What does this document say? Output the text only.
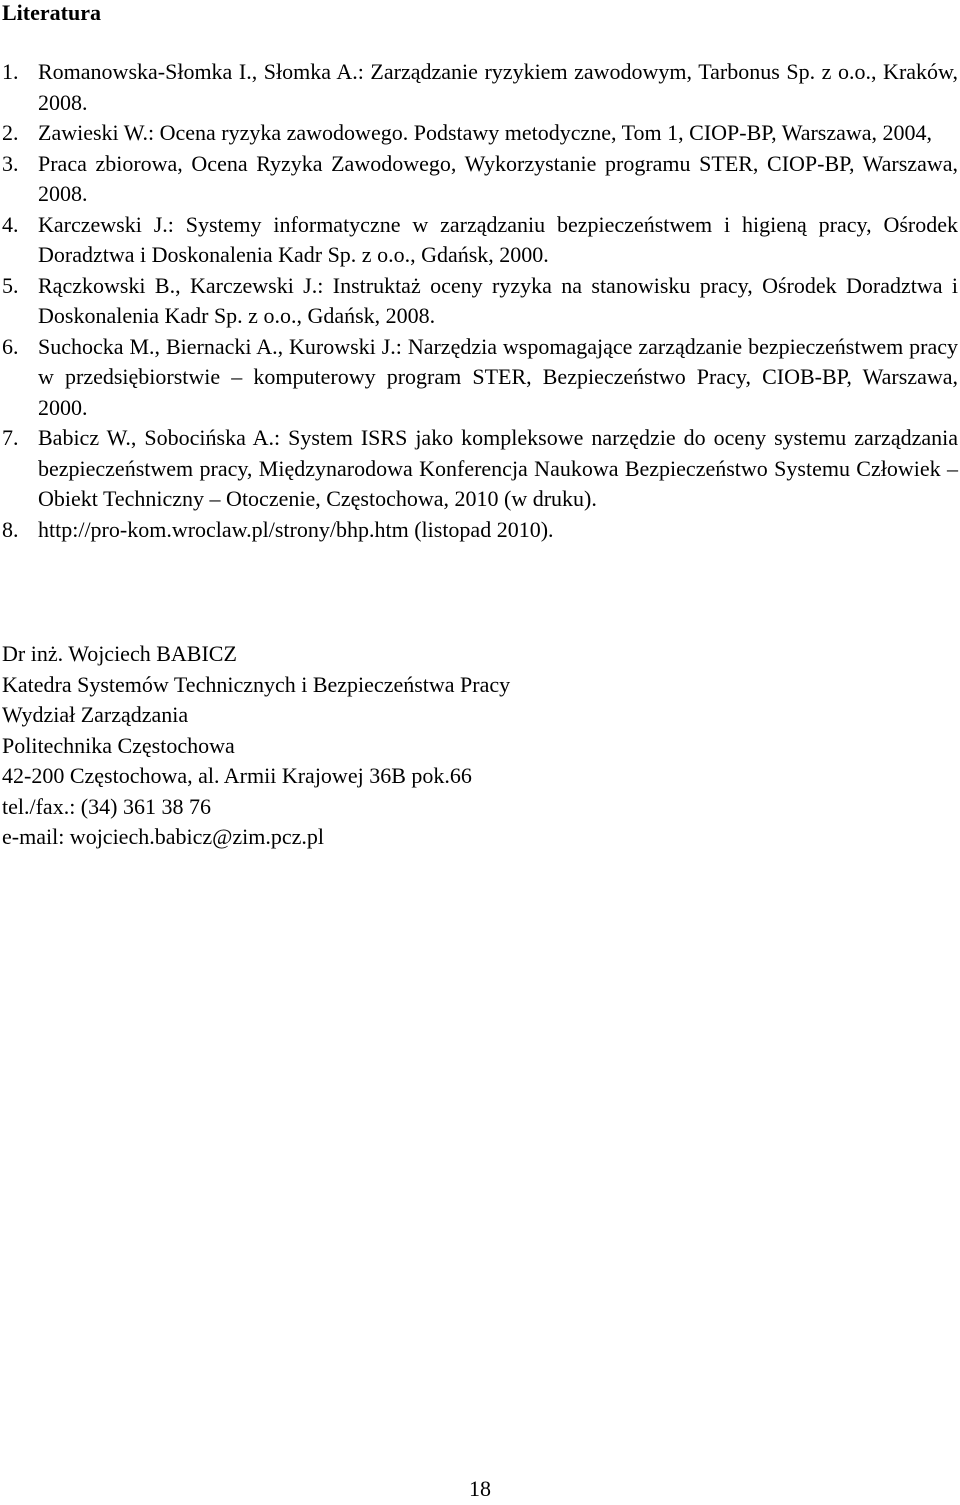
Literatura
1. Romanowska-Słomka I., Słomka A.: Zarządzanie ryzykiem zawodowym, Tarbonus Sp. z o.o., Kraków, 2008.
2. Zawieski W.: Ocena ryzyka zawodowego. Podstawy metodyczne, Tom 1, CIOP-BP, Warszawa, 2004,
3. Praca zbiorowa, Ocena Ryzyka Zawodowego, Wykorzystanie programu STER, CIOP-BP, Warszawa, 2008.
4. Karczewski J.: Systemy informatyczne w zarządzaniu bezpieczeństwem i higieną pracy, Ośrodek Doradztwa i Doskonalenia Kadr Sp. z o.o., Gdańsk, 2000.
5. Rączkowski B., Karczewski J.: Instruktaż oceny ryzyka na stanowisku pracy, Ośrodek Doradztwa i Doskonalenia Kadr Sp. z o.o., Gdańsk, 2008.
6. Suchocka M., Biernacki A., Kurowski J.: Narzędzia wspomagające zarządzanie bezpieczeństwem pracy w przedsiębiorstwie – komputerowy program STER, Bezpieczeństwo Pracy, CIOB-BP, Warszawa, 2000.
7. Babicz W., Sobocińska A.: System ISRS jako kompleksowe narzędzie do oceny systemu zarządzania bezpieczeństwem pracy, Międzynarodowa Konferencja Naukowa Bezpieczeństwo Systemu Człowiek – Obiekt Techniczny – Otoczenie, Częstochowa, 2010 (w druku).
8. http://pro-kom.wroclaw.pl/strony/bhp.htm (listopad 2010).
Dr inż. Wojciech BABICZ
Katedra Systemów Technicznych i Bezpieczeństwa Pracy
Wydział Zarządzania
Politechnika Częstochowa
42-200 Częstochowa, al. Armii Krajowej 36B pok.66
tel./fax.: (34) 361 38 76
e-mail: wojciech.babicz@zim.pcz.pl
18
